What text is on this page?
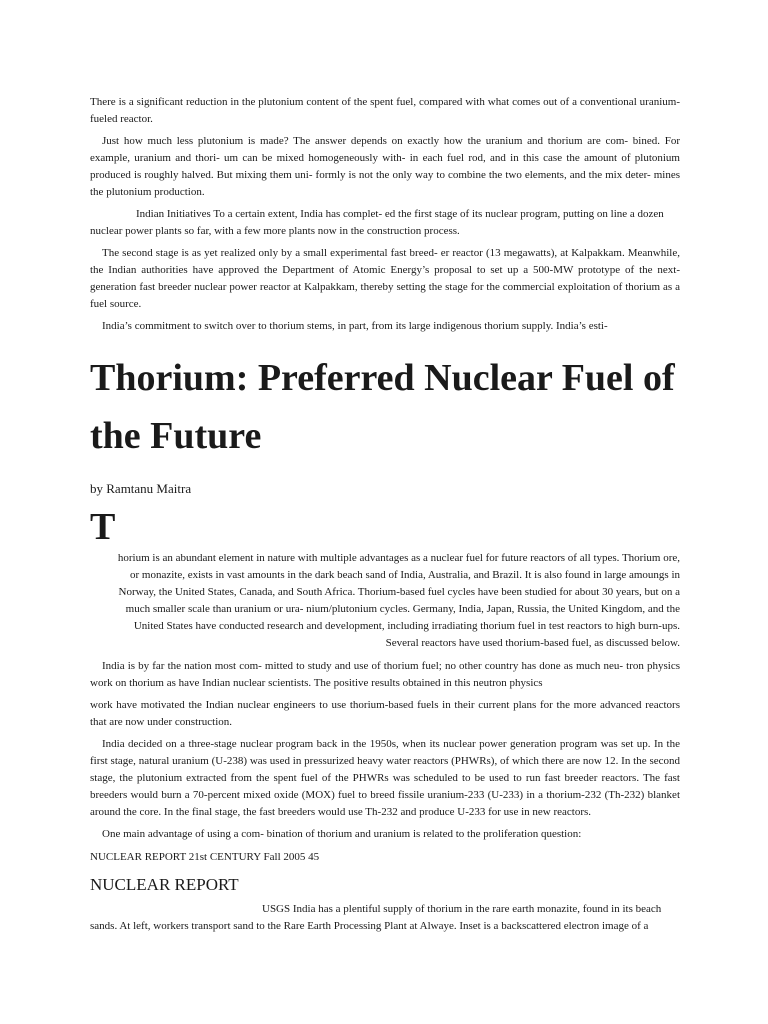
There is a significant reduction in the plutonium content of the spent fuel, compared with what comes out of a conventional uranium-fueled reactor.

Just how much less plutonium is made? The answer depends on exactly how the uranium and thorium are com- bined. For example, uranium and thori- um can be mixed homogeneously with- in each fuel rod, and in this case the amount of plutonium produced is roughly halved. But mixing them uni- formly is not the only way to combine the two elements, and the mix deter- mines the plutonium production.

Indian Initiatives To a certain extent, India has complet- ed the first stage of its nuclear program, putting on line a dozen nuclear power plants so far, with a few more plants now in the construction process.

The second stage is as yet realized only by a small experimental fast breed- er reactor (13 megawatts), at Kalpakkam. Meanwhile, the Indian authorities have approved the Department of Atomic Energy’s proposal to set up a 500-MW prototype of the next-generation fast breeder nuclear power reactor at Kalpakkam, thereby setting the stage for the commercial exploitation of thorium as a fuel source.

India’s commitment to switch over to thorium stems, in part, from its large indigenous thorium supply. India’s esti-

Thorium: Preferred Nuclear Fuel of the Future
by Ramtanu Maitra
T

horium is an abundant element in nature with multiple advantages as a nuclear fuel for future reactors of all types. Thorium ore,

or monazite, exists in vast amounts in the dark beach sand of India, Australia, and Brazil. It is also found in large amoungs in

Norway, the United States, Canada, and South Africa. Thorium-based fuel cycles have been studied for about 30 years, but on a

much smaller scale than uranium or ura- nium/plutonium cycles. Germany, India, Japan, Russia, the United Kingdom, and the

United States have conducted research and development, including irradiating thorium fuel in test reactors to high burn-ups.

Several reactors have used thorium-based fuel, as discussed below.

India is by far the nation most com- mitted to study and use of thorium fuel; no other country has done as much neu- tron physics work on thorium as have Indian nuclear scientists. The positive results obtained in this neutron physics

work have motivated the Indian nuclear engineers to use thorium-based fuels in their current plans for the more advanced reactors that are now under construction.

India decided on a three-stage nuclear program back in the 1950s, when its nuclear power generation program was set up. In the first stage, natural uranium (U-238) was used in pressurized heavy water reactors (PHWRs), of which there are now 12. In the second stage, the plutonium extracted from the spent fuel of the PHWRs was scheduled to be used to run fast breeder reactors. The fast breeders would burn a 70-percent mixed oxide (MOX) fuel to breed fissile uranium-233 (U-233) in a thorium-232 (Th-232) blanket around the core. In the final stage, the fast breeders would use Th-232 and produce U-233 for use in new reactors.

One main advantage of using a com- bination of thorium and uranium is related to the proliferation question:

NUCLEAR REPORT 21st CENTURY Fall 2005 45
NUCLEAR REPORT

USGS India has a plentiful supply of thorium in the rare earth monazite, found in its beach sands. At left, workers transport sand to the Rare Earth Processing Plant at Alwaye. Inset is a backscattered electron image of a
